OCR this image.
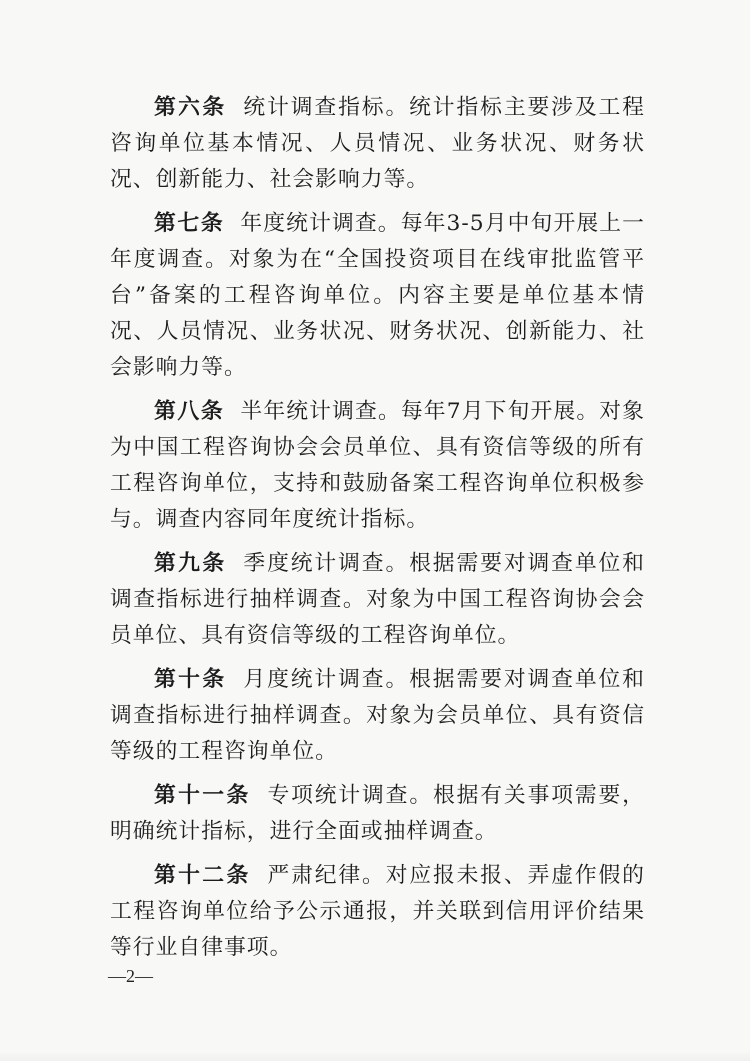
第六条 统计调查指标。统计指标主要涉及工程咨询单位基本情况、人员情况、业务状况、财务状况、创新能力、社会影响力等。

第七条 年度统计调查。每年3-5月中旬开展上一年度调查。对象为在“全国投资项目在线审批监管平台”备案的工程咨询单位。内容主要是单位基本情况、人员情况、业务状况、财务状况、创新能力、社会影响力等。

第八条 半年统计调查。每年7月下旬开展。对象为中国工程咨询协会会员单位、具有资信等级的所有工程咨询单位，支持和鼓励备案工程咨询单位积极参与。调查内容同年度统计指标。

第九条 季度统计调查。根据需要对调查单位和调查指标进行抽样调查。对象为中国工程咨询协会会员单位、具有资信等级的工程咨询单位。

第十条 月度统计调查。根据需要对调查单位和调查指标进行抽样调查。对象为会员单位、具有资信等级的工程咨询单位。

第十一条 专项统计调查。根据有关事项需要，明确统计指标，进行全面或抽样调查。

第十二条 严肃纪律。对应报未报、弄虚作假的工程咨询单位给予公示通报，并关联到信用评价结果等行业自律事项。

—2—
